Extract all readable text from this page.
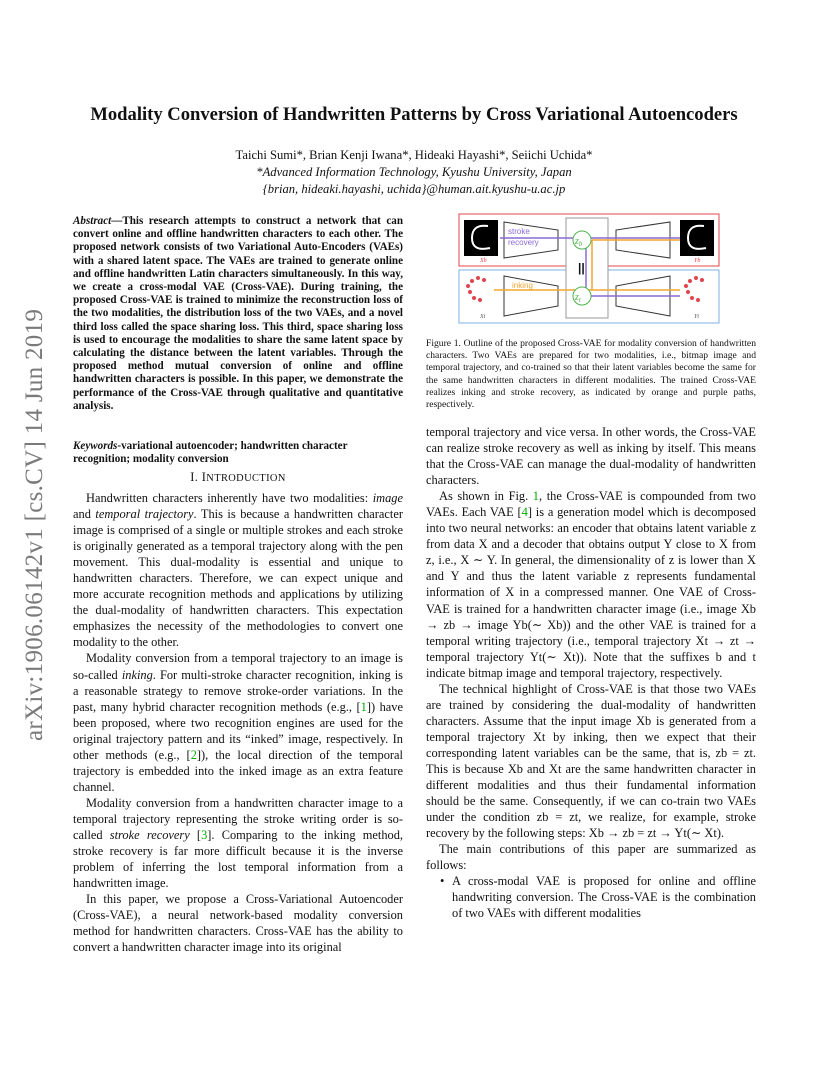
arXiv:1906.06142v1 [cs.CV] 14 Jun 2019
Modality Conversion of Handwritten Patterns by Cross Variational Autoencoders
Taichi Sumi*, Brian Kenji Iwana*, Hideaki Hayashi*, Seiichi Uchida*
*Advanced Information Technology, Kyushu University, Japan
{brian, hideaki.hayashi, uchida}@human.ait.kyushu-u.ac.jp
Abstract—This research attempts to construct a network that can convert online and offline handwritten characters to each other. The proposed network consists of two Variational Auto-Encoders (VAEs) with a shared latent space. The VAEs are trained to generate online and offline handwritten Latin characters simultaneously. In this way, we create a cross-modal VAE (Cross-VAE). During training, the proposed Cross-VAE is trained to minimize the reconstruction loss of the two modalities, the distribution loss of the two VAEs, and a novel third loss called the space sharing loss. This third, space sharing loss is used to encourage the modalities to share the same latent space by calculating the distance between the latent variables. Through the proposed method mutual conversion of online and offline handwritten characters is possible. In this paper, we demonstrate the performance of the Cross-VAE through qualitative and quantitative analysis.
Keywords-variational autoencoder; handwritten character recognition; modality conversion
I. INTRODUCTION

Handwritten characters inherently have two modalities: image and temporal trajectory. This is because a handwritten character image is comprised of a single or multiple strokes and each stroke is originally generated as a temporal trajectory along with the pen movement. This dual-modality is essential and unique to handwritten characters. Therefore, we can expect unique and more accurate recognition methods and applications by utilizing the dual-modality of handwritten characters. This expectation emphasizes the necessity of the methodologies to convert one modality to the other.

Modality conversion from a temporal trajectory to an image is so-called inking. For multi-stroke character recognition, inking is a reasonable strategy to remove stroke-order variations. In the past, many hybrid character recognition methods (e.g., [1]) have been proposed, where two recognition engines are used for the original trajectory pattern and its “inked” image, respectively. In other methods (e.g., [2]), the local direction of the temporal trajectory is embedded into the inked image as an extra feature channel.

Modality conversion from a handwritten character image to a temporal trajectory representing the stroke writing order is so-called stroke recovery [3]. Comparing to the inking method, stroke recovery is far more difficult because it is the inverse problem of inferring the lost temporal information from a handwritten image.

In this paper, we propose a Cross-Variational Autoencoder (Cross-VAE), a neural network-based modality conversion method for handwritten characters. Cross-VAE has the ability to convert a handwritten character image into its original

$z_b$
$z_t$
||
stroke
recovery
inking
Xb	Yb
Xt	Yt
Figure 1. Outline of the proposed Cross-VAE for modality conversion of handwritten characters. Two VAEs are prepared for two modalities, i.e., bitmap image and temporal trajectory, and co-trained so that their latent variables become the same for the same handwritten characters in different modalities. The trained Cross-VAE realizes inking and stroke recovery, as indicated by orange and purple paths, respectively.

temporal trajectory and vice versa. In other words, the Cross-VAE can realize stroke recovery as well as inking by itself. This means that the Cross-VAE can manage the dual-modality of handwritten characters.

As shown in Fig. 1, the Cross-VAE is compounded from two VAEs. Each VAE [4] is a generation model which is decomposed into two neural networks: an encoder that obtains latent variable z from data X and a decoder that obtains output Y close to X from z, i.e., X ∼ Y. In general, the dimensionality of z is lower than X and Y and thus the latent variable z represents fundamental information of X in a compressed manner. One VAE of Cross-VAE is trained for a handwritten character image (i.e., image Xb → zb → image Yb(∼ Xb)) and the other VAE is trained for a temporal writing trajectory (i.e., temporal trajectory Xt → zt → temporal trajectory Yt(∼ Xt)). Note that the suffixes b and t indicate bitmap image and temporal trajectory, respectively.

The technical highlight of Cross-VAE is that those two VAEs are trained by considering the dual-modality of handwritten characters. Assume that the input image Xb is generated from a temporal trajectory Xt by inking, then we expect that their corresponding latent variables can be the same, that is, zb = zt. This is because Xb and Xt are the same handwritten character in different modalities and thus their fundamental information should be the same. Consequently, if we can co-train two VAEs under the condition zb = zt, we realize, for example, stroke recovery by the following steps: Xb → zb = zt → Yt(∼ Xt).

The main contributions of this paper are summarized as follows:

• A cross-modal VAE is proposed for online and offline handwriting conversion. The Cross-VAE is the combination of two VAEs with different modalities
